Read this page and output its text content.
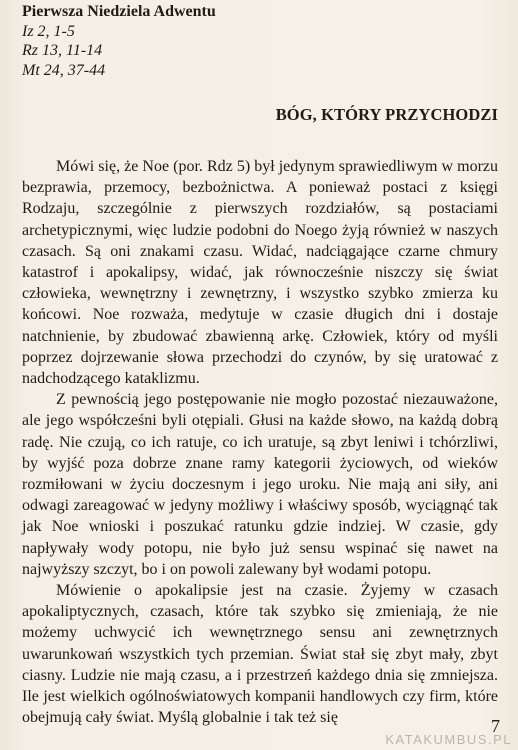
Pierwsza Niedziela Adwentu
Iz 2, 1-5
Rz 13, 11-14
Mt 24, 37-44
BÓG, KTÓRY PRZYCHODZI

Mówi się, że Noe (por. Rdz 5) był jedynym sprawiedliwym w morzu bezprawia, przemocy, bezbożnictwa. A ponieważ postaci z księgi Rodzaju, szczególnie z pierwszych rozdziałów, są postaciami archetypicznymi, więc ludzie podobni do Noego żyją również w naszych czasach. Są oni znakami czasu. Widać, nadciągające czarne chmury katastrof i apokalipsy, widać, jak równocześnie niszczy się świat człowieka, wewnętrzny i zewnętrzny, i wszystko szybko zmierza ku końcowi. Noe rozważa, medytuje w czasie długich dni i dostaje natchnienie, by zbudować zbawienną arkę. Człowiek, który od myśli poprzez dojrzewanie słowa przechodzi do czynów, by się uratować z nadchodzącego kataklizmu.

Z pewnością jego postępowanie nie mogło pozostać niezauważone, ale jego współcześni byli otępiali. Głusi na każde słowo, na każdą dobrą radę. Nie czują, co ich ratuje, co ich uratuje, są zbyt leniwi i tchórzliwi, by wyjść poza dobrze znane ramy kategorii życiowych, od wieków rozmiłowani w życiu doczesnym i jego uroku. Nie mają ani siły, ani odwagi zareagować w jedyny możliwy i właściwy sposób, wyciągnąć tak jak Noe wnioski i poszukać ratunku gdzie indziej. W czasie, gdy napływały wody potopu, nie było już sensu wspinać się nawet na najwyższy szczyt, bo i on powoli zalewany był wodami potopu.

Mówienie o apokalipsie jest na czasie. Żyjemy w czasach apokaliptycznych, czasach, które tak szybko się zmieniają, że nie możemy uchwycić ich wewnętrznego sensu ani zewnętrznych uwarunkowań wszystkich tych przemian. Świat stał się zbyt mały, zbyt ciasny. Ludzie nie mają czasu, a i przestrzeń każdego dnia się zmniejsza. Ile jest wielkich ogólnoświatowych kompanii handlowych czy firm, które obejmują cały świat. Myślą globalnie i tak też się	7
KATAKUMBUS.PL
